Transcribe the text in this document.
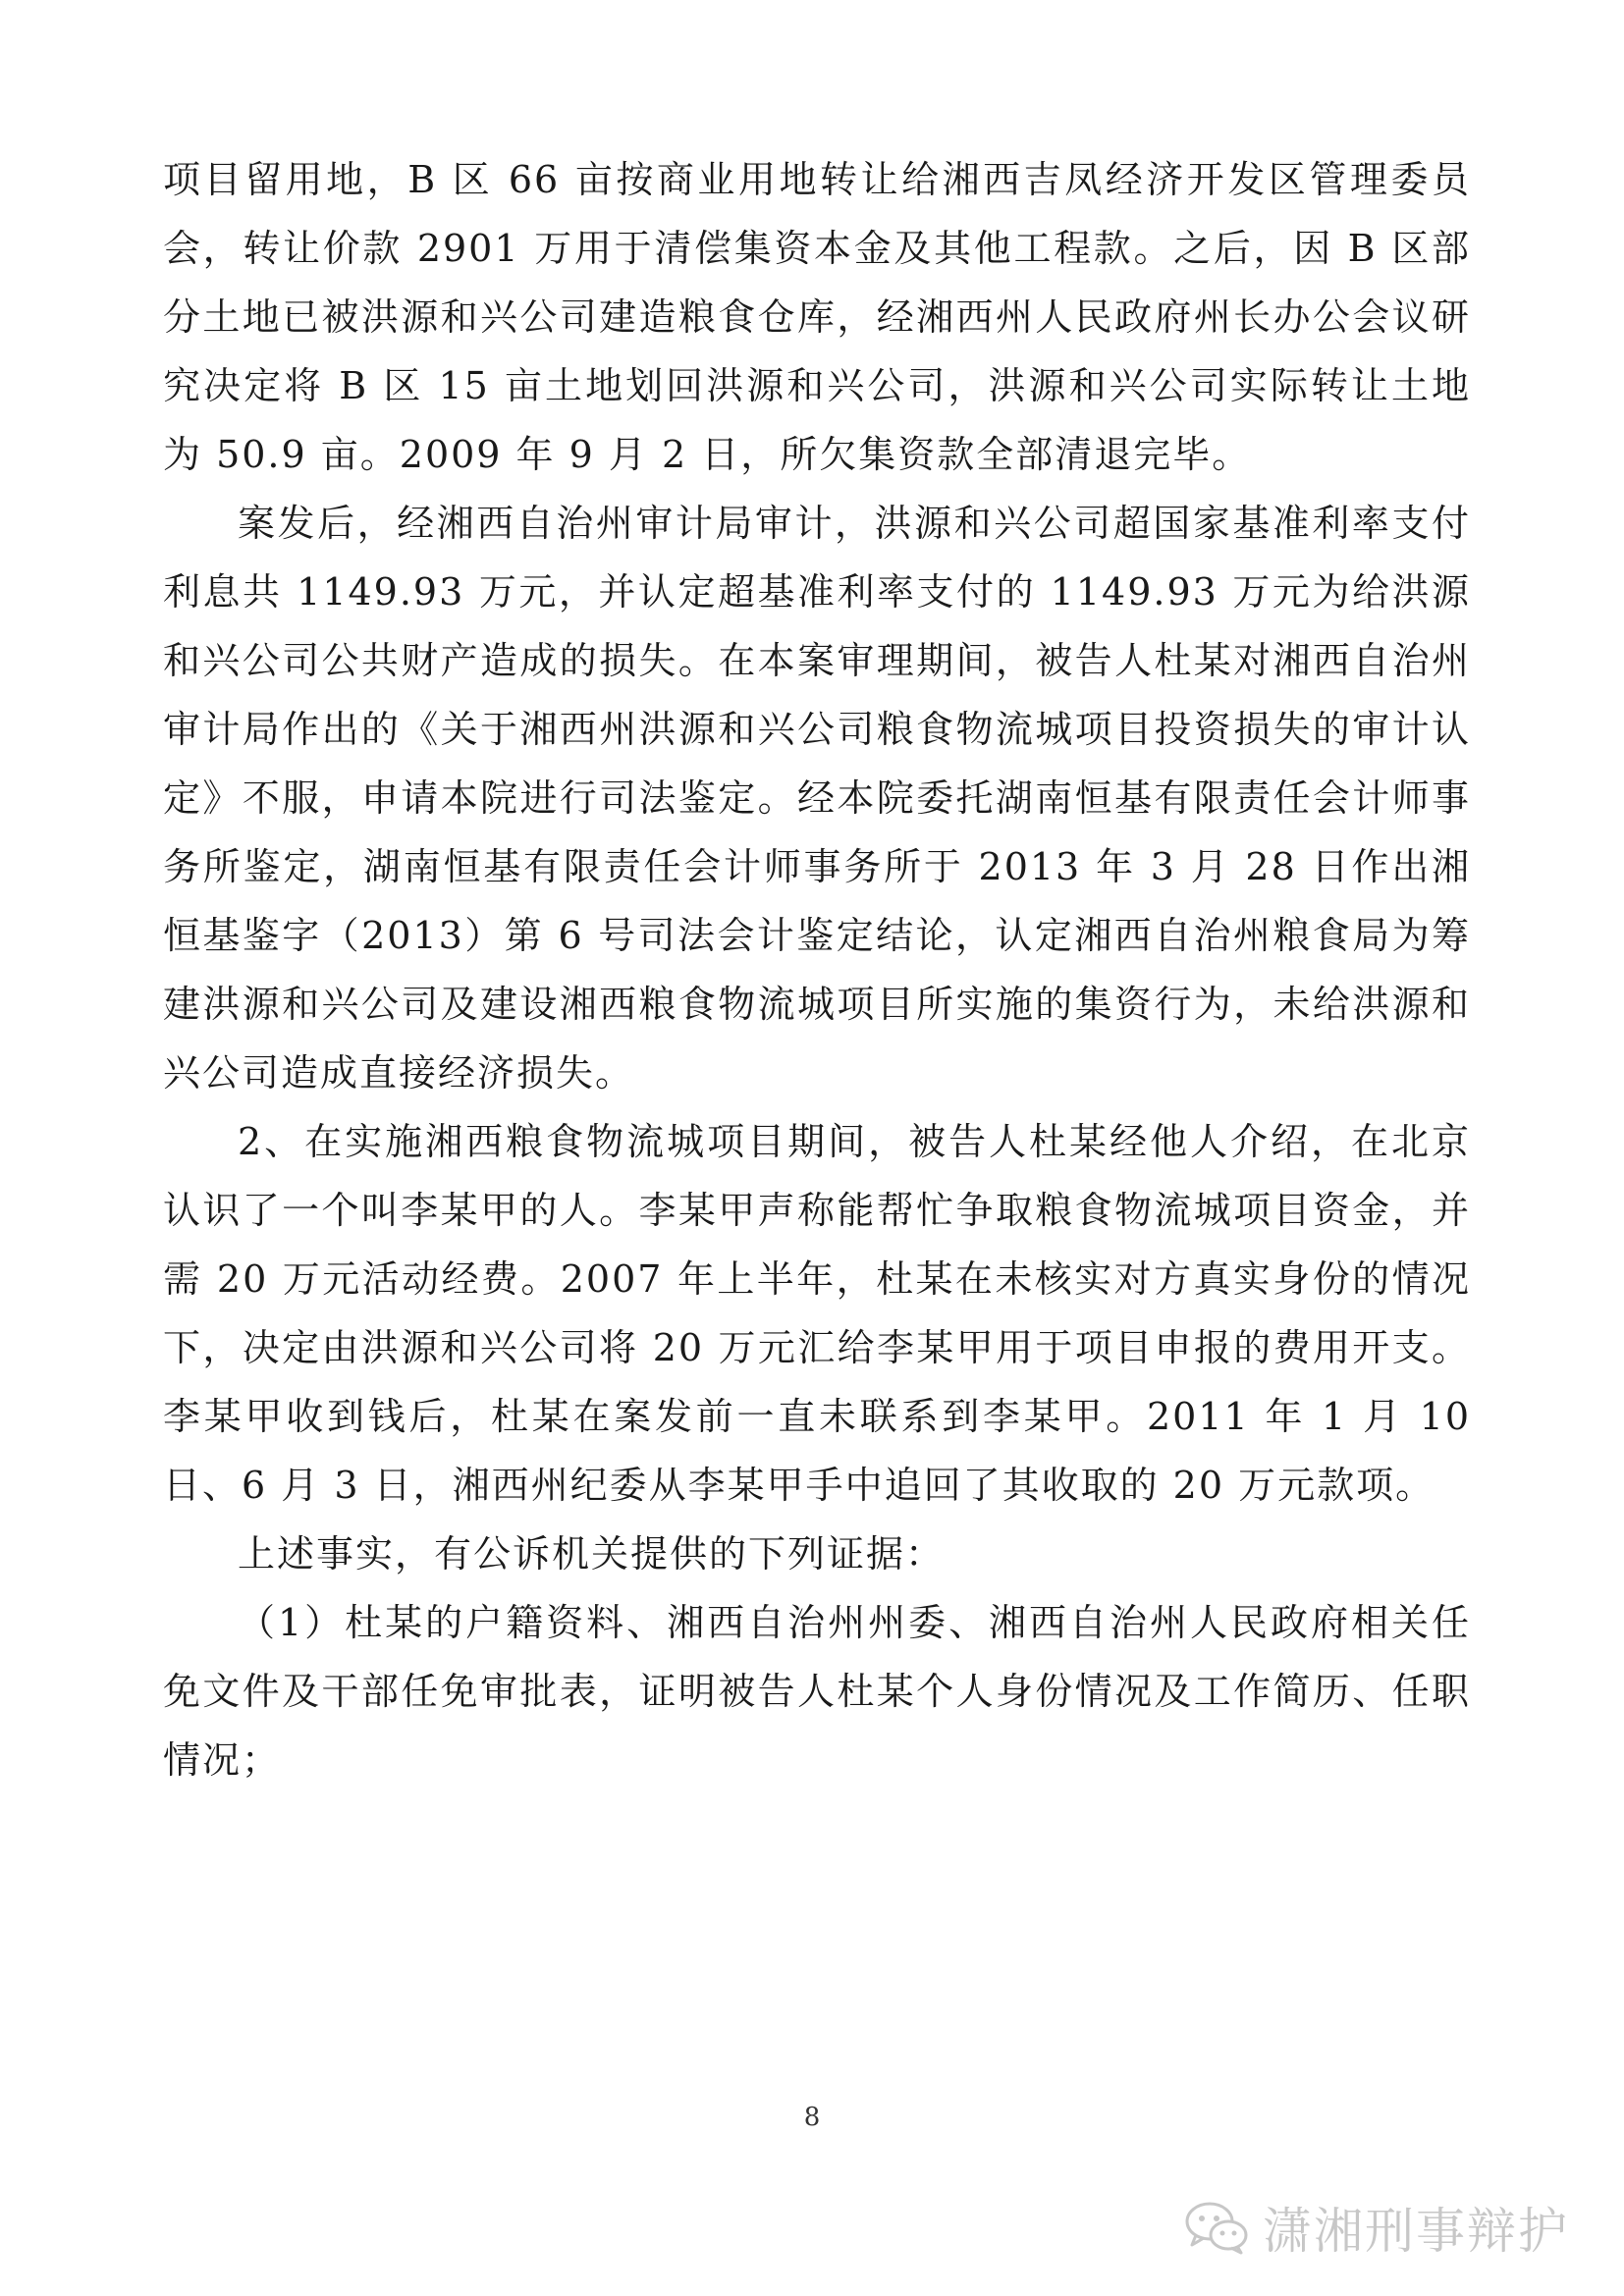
项目留用地，B 区 66 亩按商业用地转让给湘西吉凤经济开发区管理委员会，转让价款 2901 万用于清偿集资本金及其他工程款。之后，因 B 区部分土地已被洪源和兴公司建造粮食仓库，经湘西州人民政府州长办公会议研究决定将 B 区 15 亩土地划回洪源和兴公司，洪源和兴公司实际转让土地为 50.9 亩。2009 年 9 月 2 日，所欠集资款全部清退完毕。

案发后，经湘西自治州审计局审计，洪源和兴公司超国家基准利率支付利息共 1149.93 万元，并认定超基准利率支付的 1149.93 万元为给洪源和兴公司公共财产造成的损失。在本案审理期间，被告人杜某对湘西自治州审计局作出的《关于湘西州洪源和兴公司粮食物流城项目投资损失的审计认定》不服，申请本院进行司法鉴定。经本院委托湖南恒基有限责任会计师事务所鉴定，湖南恒基有限责任会计师事务所于 2013 年 3 月 28 日作出湘恒基鉴字（2013）第 6 号司法会计鉴定结论，认定湘西自治州粮食局为筹建洪源和兴公司及建设湘西粮食物流城项目所实施的集资行为，未给洪源和兴公司造成直接经济损失。

2、在实施湘西粮食物流城项目期间，被告人杜某经他人介绍，在北京认识了一个叫李某甲的人。李某甲声称能帮忙争取粮食物流城项目资金，并需 20 万元活动经费。2007 年上半年，杜某在未核实对方真实身份的情况下，决定由洪源和兴公司将 20 万元汇给李某甲用于项目申报的费用开支。李某甲收到钱后，杜某在案发前一直未联系到李某甲。2011 年 1 月 10 日、6 月 3 日，湘西州纪委从李某甲手中追回了其收取的 20 万元款项。

上述事实，有公诉机关提供的下列证据：

（1）杜某的户籍资料、湘西自治州州委、湘西自治州人民政府相关任免文件及干部任免审批表，证明被告人杜某个人身份情况及工作简历、任职情况；

8
潇湘刑事辩护
